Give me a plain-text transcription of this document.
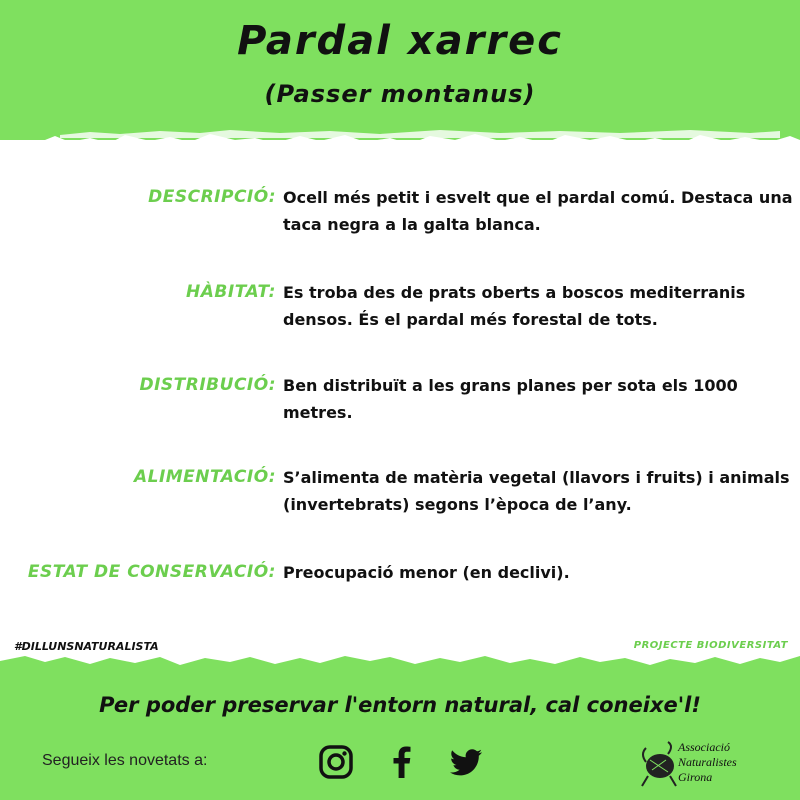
Pardal xarrec
(Passer montanus)
DESCRIPCIÓ: Ocell més petit i esvelt que el pardal comú. Destaca una taca negra a la galta blanca.
HÀBITAT: Es troba des de prats oberts a boscos mediterranis densos. És el pardal més forestal de tots.
DISTRIBUCIÓ: Ben distribuït a les grans planes per sota els 1000 metres.
ALIMENTACIÓ: S’alimenta de matèria vegetal (llavors i fruits) i animals (invertebrats) segons l’època de l’any.
ESTAT DE CONSERVACIÓ: Preocupació menor (en declivi).
#DILLUNSNATURALISTA	PROJECTE BIODIVERSITAT
Per poder preservar l'entorn natural, cal coneixe'l!
Segueix les novetats a:
Associació
Naturalistes
Girona
